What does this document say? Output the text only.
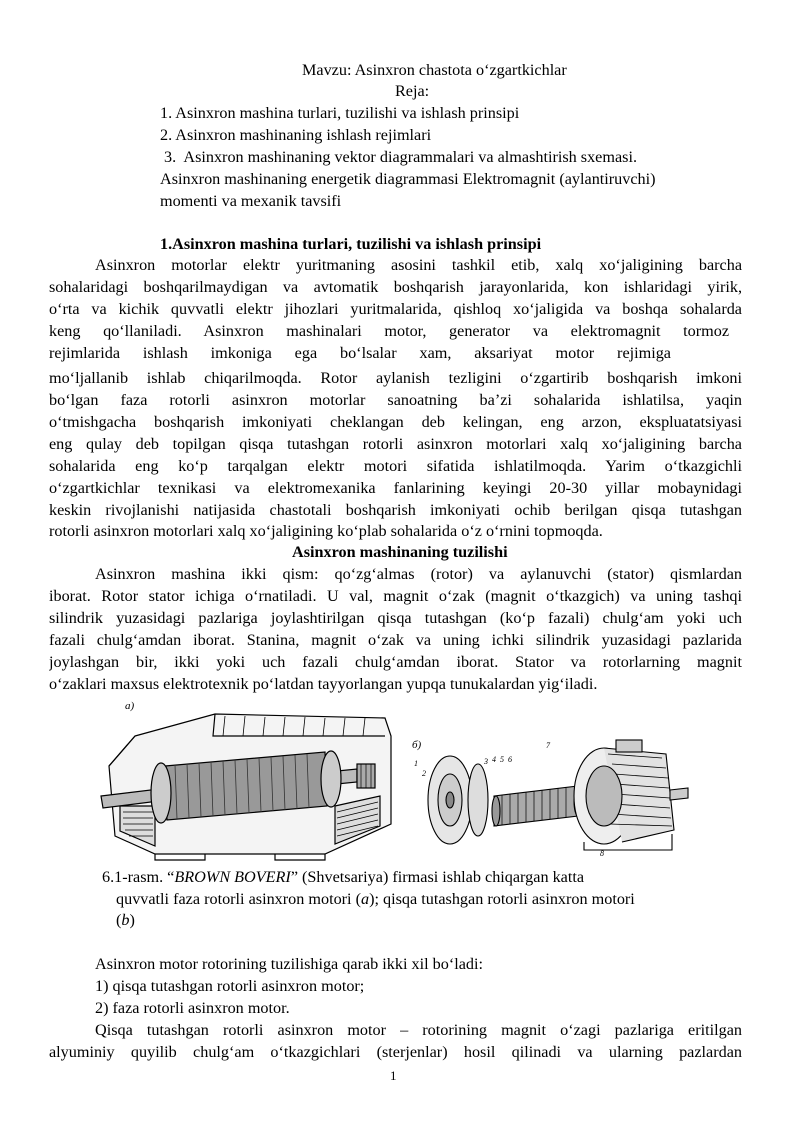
Mavzu: Asinxron chastota o‘zgartkichlar
Reja:
1. Asinxron mashina turlari, tuzilishi va ishlash prinsipi
2. Asinxron mashinaning ishlash rejimlari
3.  Asinxron mashinaning vektor diagrammalari va almashtirish sxemasi.
Asinxron mashinaning energetik diagrammasi Elektromagnit (aylantiruvchi)
momenti va mexanik tavsifi
1.Asinxron mashina turlari, tuzilishi va ishlash prinsipi
Asinxron motorlar elektr yuritmaning asosini tashkil etib, xalq xo‘jaligining barcha
sohalaridagi boshqarilmaydigan va avtomatik boshqarish jarayonlarida, kon ishlaridagi yirik,
o‘rta va kichik quvvatli elektr jihozlari yuritmalarida, qishloq xo‘jaligida va boshqa sohalarda
keng qo‘llaniladi. Asinxron mashinalari motor, generator va elektromagnit tormoz
rejimlarida ishlash imkoniga ega bo‘lsalar xam, aksariyat motor rejimiga
mo‘ljallanib ishlab chiqarilmoqda. Rotor aylanish tezligini o‘zgartirib boshqarish imkoni
bo‘lgan faza rotorli asinxron motorlar sanoatning ba’zi sohalarida ishlatilsa, yaqin
o‘tmishgacha boshqarish imkoniyati cheklangan deb kelingan, eng arzon, ekspluatatsiyasi
eng qulay deb topilgan qisqa tutashgan rotorli asinxron motorlari xalq xo‘jaligining barcha
sohalarida eng ko‘p tarqalgan elektr motori sifatida ishlatilmoqda. Yarim o‘tkazgichli
o‘zgartkichlar texnikasi va elektromexanika fanlarining keyingi 20-30 yillar mobaynidagi
keskin rivojlanishi natijasida chastotali boshqarish imkoniyati ochib berilgan qisqa tutashgan
rotorli asinxron motorlari xalq xo‘jaligining ko‘plab sohalarida o‘z o‘rnini topmoqda.
Asinxron mashinaning tuzilishi
Asinxron mashina ikki qism: qo‘zg‘almas (rotor) va aylanuvchi (stator) qismlardan
iborat. Rotor stator ichiga o‘rnatiladi. U val, magnit o‘zak (magnit o‘tkazgich) va uning tashqi
silindrik yuzasidagi pazlariga joylashtirilgan qisqa tutashgan (ko‘p fazali) chulg‘am yoki uch
fazali chulg‘amdan iborat. Stanina, magnit o‘zak va uning ichki silindrik yuzasidagi pazlarida
joylashgan bir, ikki yoki uch fazali chulg‘amdan iborat. Stator va rotorlarning magnit
o‘zaklari maxsus elektrotexnik po‘latdan tayyorlangan yupqa tunukalardan yig‘iladi.
a)
б)
1
2
3 4 5 6
7
8
6.1-rasm. “BROWN BOVERI” (Shvetsariya) firmasi ishlab chiqargan katta
quvvatli faza rotorli asinxron motori (a); qisqa tutashgan rotorli asinxron motori
(b)
Asinxron motor rotorining tuzilishiga qarab ikki xil bo‘ladi:
1) qisqa tutashgan rotorli asinxron motor;
2) faza rotorli asinxron motor.
Qisqa tutashgan rotorli asinxron motor – rotorining magnit o‘zagi pazlariga eritilgan
alyuminiy quyilib chulg‘am o‘tkazgichlari (sterjenlar) hosil qilinadi va ularning pazlardan
1
